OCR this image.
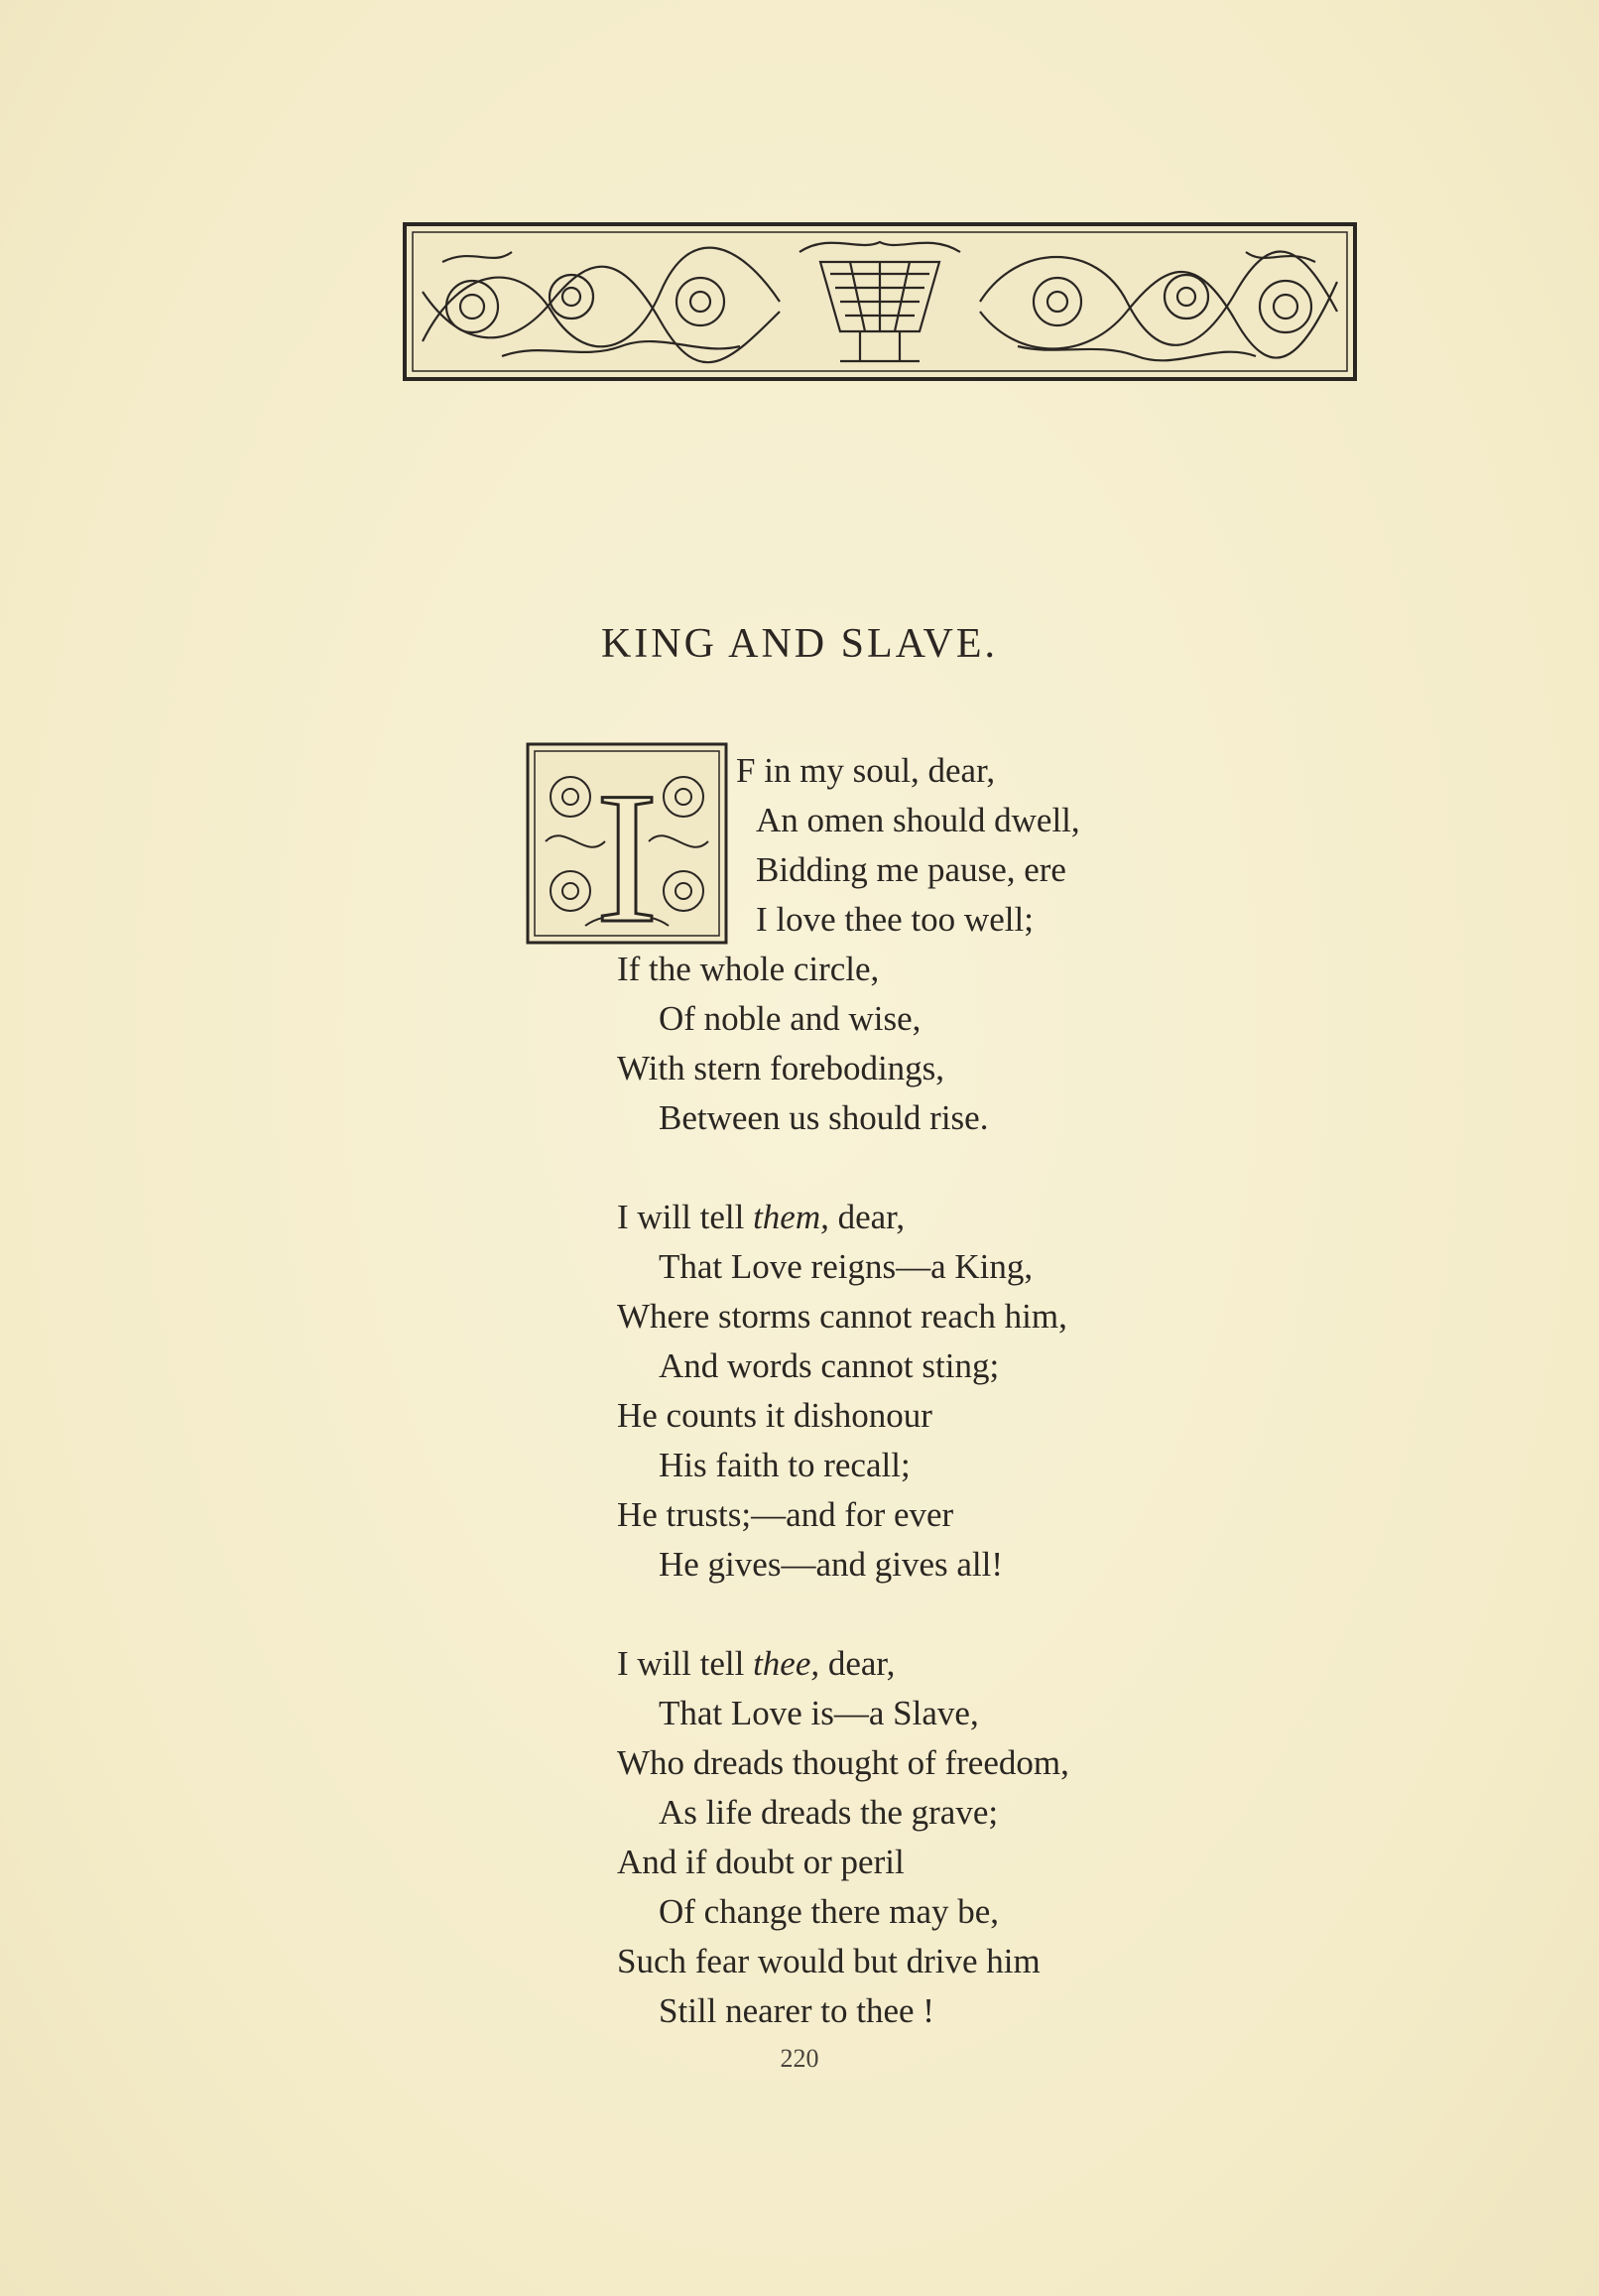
KING AND SLAVE.
I	F in my soul, dear,
An omen should dwell,
Bidding me pause, ere
I love thee too well;
If the whole circle,
Of noble and wise,
With stern forebodings,
Between us should rise.
I will tell them, dear,
That Love reigns—a King,
Where storms cannot reach him,
And words cannot sting;
He counts it dishonour
His faith to recall;
He trusts;—and for ever
He gives—and gives all!
I will tell thee, dear,
That Love is—a Slave,
Who dreads thought of freedom,
As life dreads the grave;
And if doubt or peril
Of change there may be,
Such fear would but drive him
Still nearer to thee !
220
